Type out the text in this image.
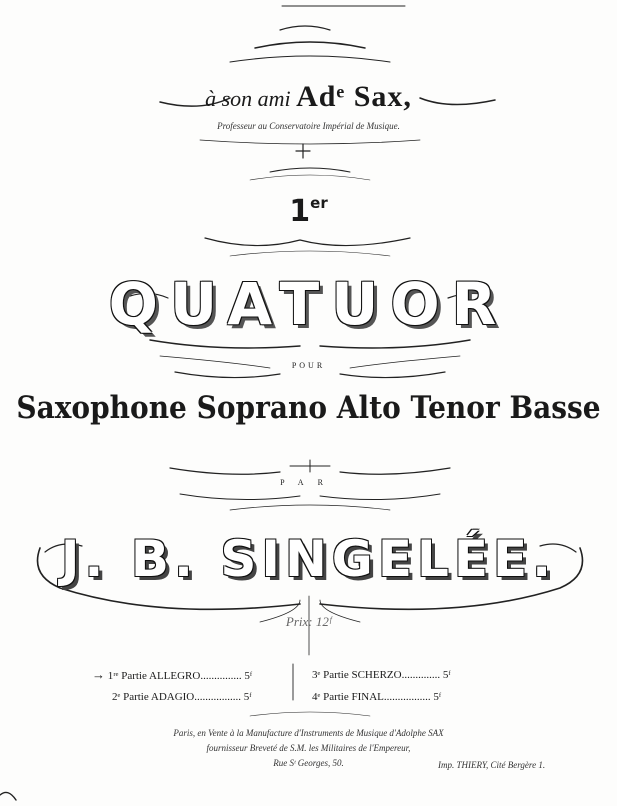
à son ami Adᵉ Sax,
Professeur au Conservatoire Impérial de Musique.
1er
QUATUOR
POUR
Saxophone Soprano Alto Tenor Basse
PAR
J. B. SINGELÉE.
Prix: 12ᶠ
→ 1ʳᵉ Partie ALLEGRO............... 5ᶠ
2ᵉ Partie ADAGIO................. 5ᶠ
3ᵉ Partie SCHERZO.............. 5ᶠ
4ᵉ Partie FINAL................. 5ᶠ
Paris, en Vente à la Manufacture d'Instruments de Musique d'Adolphe SAX
fournisseur Breveté de S.M. les Militaires de l'Empereur,
Rue Sᵗ Georges, 50.	Imp. THIERY, Cité Bergère 1.
